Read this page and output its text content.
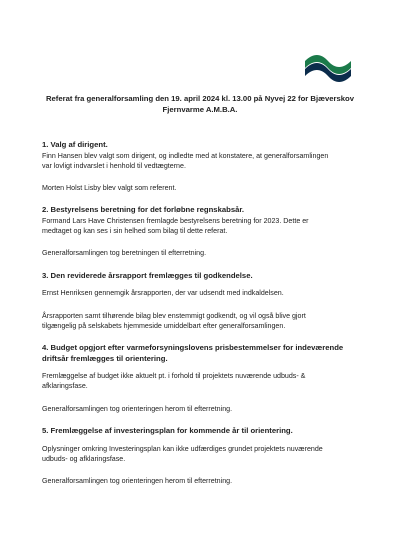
Referat fra generalforsamling den 19. april 2024 kl. 13.00 på Nyvej 22 for Bjæverskov
Fjernvarme A.M.B.A.
1. Valg af dirigent.
Finn Hansen blev valgt som dirigent, og indledte med at konstatere, at generalforsamlingen
var lovligt indvarslet i henhold til vedtægterne.
Morten Holst Lisby blev valgt som referent.
2. Bestyrelsens beretning for det forløbne regnskabsår.
Formand Lars Have Christensen fremlagde bestyrelsens beretning for 2023. Dette er
medtaget og kan ses i sin helhed som bilag til dette referat.
Generalforsamlingen tog beretningen til efterretning.
3. Den reviderede årsrapport fremlægges til godkendelse.
Ernst Henriksen gennemgik årsrapporten, der var udsendt med indkaldelsen.
Årsrapporten samt tilhørende bilag blev enstemmigt godkendt, og vil også blive gjort
tilgængelig på selskabets hjemmeside umiddelbart efter generalforsamlingen.
4. Budget opgjort efter varmeforsyningslovens prisbestemmelser for indeværende
driftsår fremlægges til orientering.
Fremlæggelse af budget ikke aktuelt pt. i forhold til projektets nuværende udbuds- &
afklaringsfase.
Generalforsamlingen tog orienteringen herom til efterretning.
5. Fremlæggelse af investeringsplan for kommende år til orientering.
Oplysninger omkring Investeringsplan kan ikke udfærdiges grundet projektets nuværende
udbuds- og afklaringsfase.
Generalforsamlingen tog orienteringen herom til efterretning.
